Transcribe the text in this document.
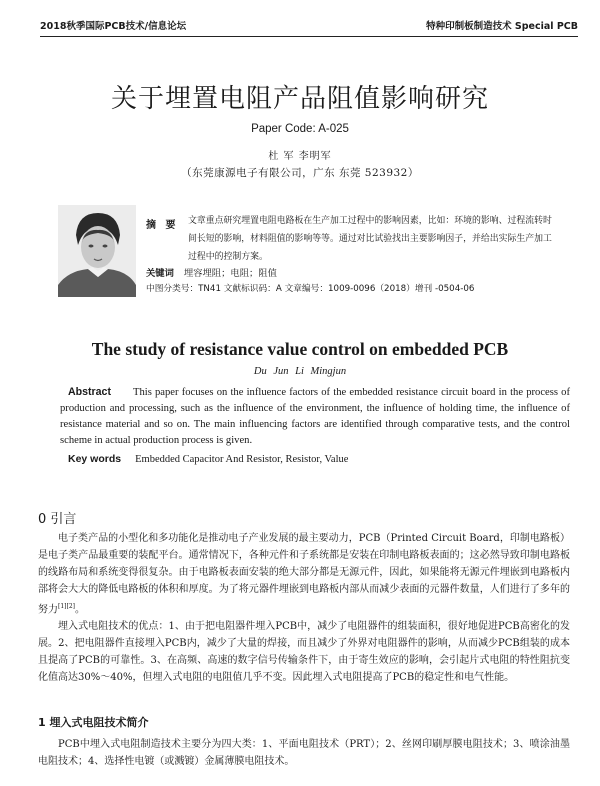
2018秋季国际PCB技术/信息论坛	特种印制板制造技术 Special PCB
关于埋置电阻产品阻值影响研究
Paper Code: A-025
杜 军 李明军
（东莞康源电子有限公司，广东 东莞 523932）
摘 要 文章重点研究埋置电阻电路板在生产加工过程中的影响因素，比如：环境的影响、过程流转时间长短的影响，材料阻值的影响等等。通过对比试验找出主要影响因子，并给出实际生产加工过程中的控制方案。
关键词 埋容埋阻；电阻；阻值
中图分类号：TN41 文献标识码：A 文章编号：1009-0096（2018）增刊 -0504-06
The study of resistance value control on embedded PCB
Du Jun Li Mingjun
Abstract This paper focuses on the influence factors of the embedded resistance circuit board in the process of production and processing, such as the influence of the environment, the influence of holding time, the influence of resistance material and so on. The main influencing factors are identified through comparative tests, and the control scheme in actual production process is given.
Key words Embedded Capacitor And Resistor, Resistor, Value
0 引言

电子类产品的小型化和多功能化是推动电子产业发展的最主要动力，PCB（Printed Circuit Board，印制电路板）是电子类产品最重要的装配平台。通常情况下，各种元件和子系统都是安装在印制电路板表面的；这必然导致印制电路板的线路布局和系统变得很复杂。由于电路板表面安装的绝大部分都是无源元件，因此，如果能将无源元件埋嵌到电路板内部将会大大的降低电路板的体积和厚度。为了将元器件埋嵌到电路板内部从而减少表面的元器件数量，人们进行了多年的努力[1][2]。

埋入式电阻技术的优点：1、由于把电阻器件埋入PCB中，减少了电阻器件的组装面积，很好地促进PCB高密化的发展。2、把电阻器件直接埋入PCB内，减少了大量的焊接，而且减少了外界对电阻器件的影响，从而减少PCB组装的成本且提高了PCB的可靠性。3、在高频、高速的数字信号传输条件下，由于寄生效应的影响，会引起片式电阻的特性阻抗变化值高达30%～40%，但埋入式电阻的电阻值几乎不变。因此埋入式电阻提高了PCB的稳定性和电气性能。

1 埋入式电阻技术简介

PCB中埋入式电阻制造技术主要分为四大类：1、平面电阻技术（PRT）；2、丝网印刷厚膜电阻技术；3、喷涂油墨电阻技术；4、选择性电镀（或溅镀）金属薄膜电阻技术。
